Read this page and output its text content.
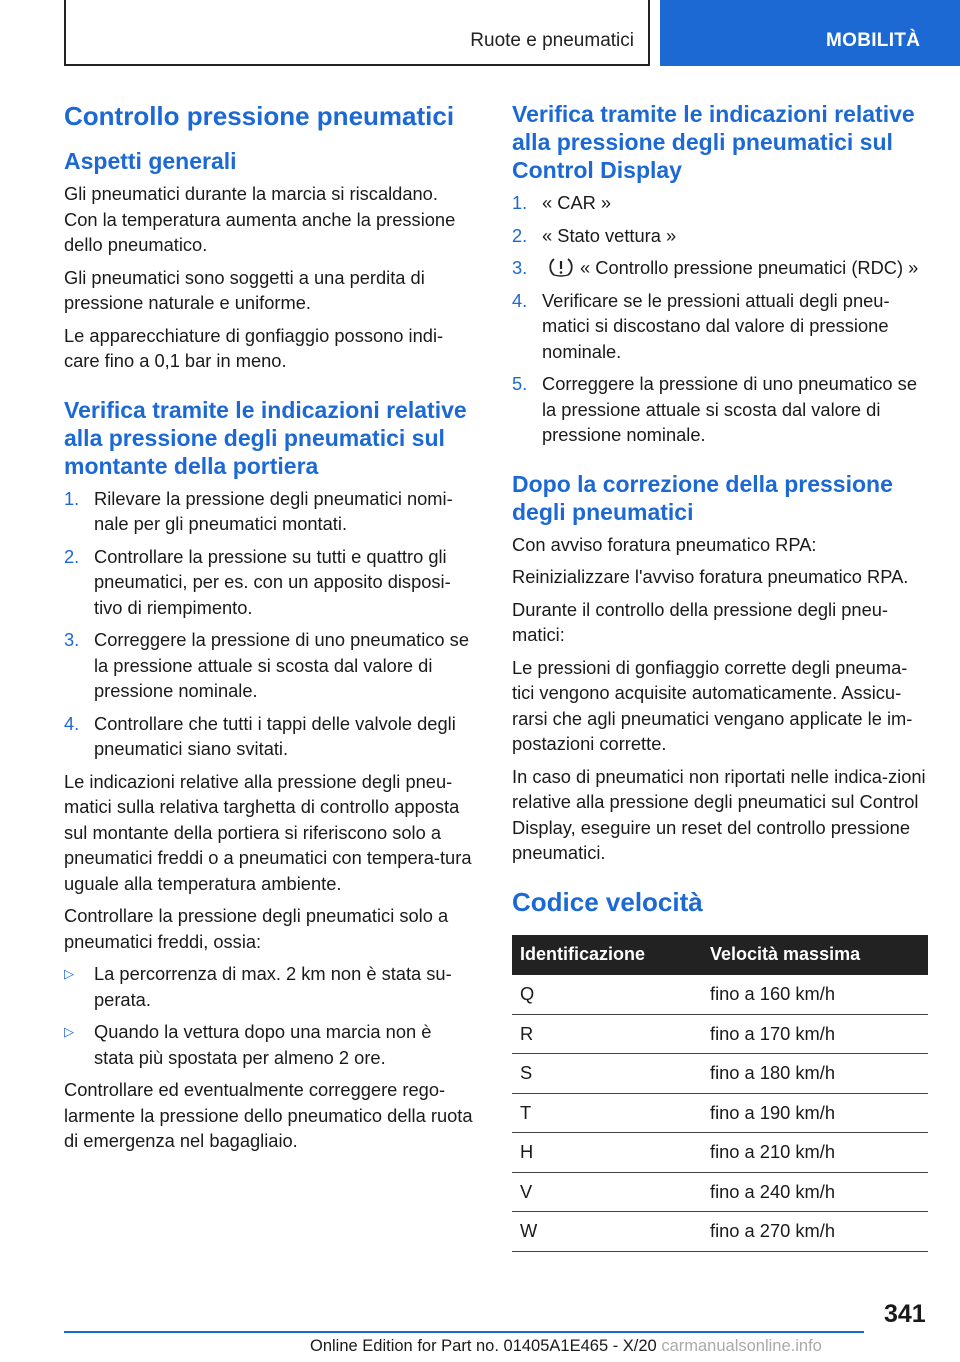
Ruote e pneumatici	MOBILITÀ
Controllo pressione pneumatici
Aspetti generali

Gli pneumatici durante la marcia si riscaldano. Con la temperatura aumenta anche la pressione dello pneumatico.

Gli pneumatici sono soggetti a una perdita di pressione naturale e uniforme.

Le apparecchiature di gonfiaggio possono indi-care fino a 0,1 bar in meno.

Verifica tramite le indicazioni relative alla pressione degli pneumatici sul montante della portiera
1. Rilevare la pressione degli pneumatici nomi-nale per gli pneumatici montati.
2. Controllare la pressione su tutti e quattro gli pneumatici, per es. con un apposito disposi-tivo di riempimento.
3. Correggere la pressione di uno pneumatico se la pressione attuale si scosta dal valore di pressione nominale.
4. Controllare che tutti i tappi delle valvole degli pneumatici siano svitati.

Le indicazioni relative alla pressione degli pneu-matici sulla relativa targhetta di controllo apposta sul montante della portiera si riferiscono solo a pneumatici freddi o a pneumatici con tempera-tura uguale alla temperatura ambiente.

Controllare la pressione degli pneumatici solo a pneumatici freddi, ossia:

▷ La percorrenza di max. 2 km non è stata su-perata.
▷ Quando la vettura dopo una marcia non è stata più spostata per almeno 2 ore.

Controllare ed eventualmente correggere rego-larmente la pressione dello pneumatico della ruota di emergenza nel bagagliaio.

Verifica tramite le indicazioni relative alla pressione degli pneumatici sul Control Display
1. « CAR »
2. « Stato vettura »
3.	« Controllo pressione pneumatici (RDC) »
4. Verificare se le pressioni attuali degli pneu-matici si discostano dal valore di pressione nominale.
5. Correggere la pressione di uno pneumatico se la pressione attuale si scosta dal valore di pressione nominale.
Dopo la correzione della pressione degli pneumatici

Con avviso foratura pneumatico RPA:

Reinizializzare l'avviso foratura pneumatico RPA.

Durante il controllo della pressione degli pneu-matici:

Le pressioni di gonfiaggio corrette degli pneuma-tici vengono acquisite automaticamente. Assicu-rarsi che agli pneumatici vengano applicate le im-postazioni corrette.

In caso di pneumatici non riportati nelle indica-zioni relative alla pressione degli pneumatici sul Control Display, eseguire un reset del controllo pressione pneumatici.

Codice velocità
Identificazione	Velocità massima
Q	fino a 160 km/h
R	fino a 170 km/h
S	fino a 180 km/h
T	fino a 190 km/h
H	fino a 210 km/h
V	fino a 240 km/h
W	fino a 270 km/h
341
Online Edition for Part no. 01405A1E465 - X/20 carmanualsonline.info
